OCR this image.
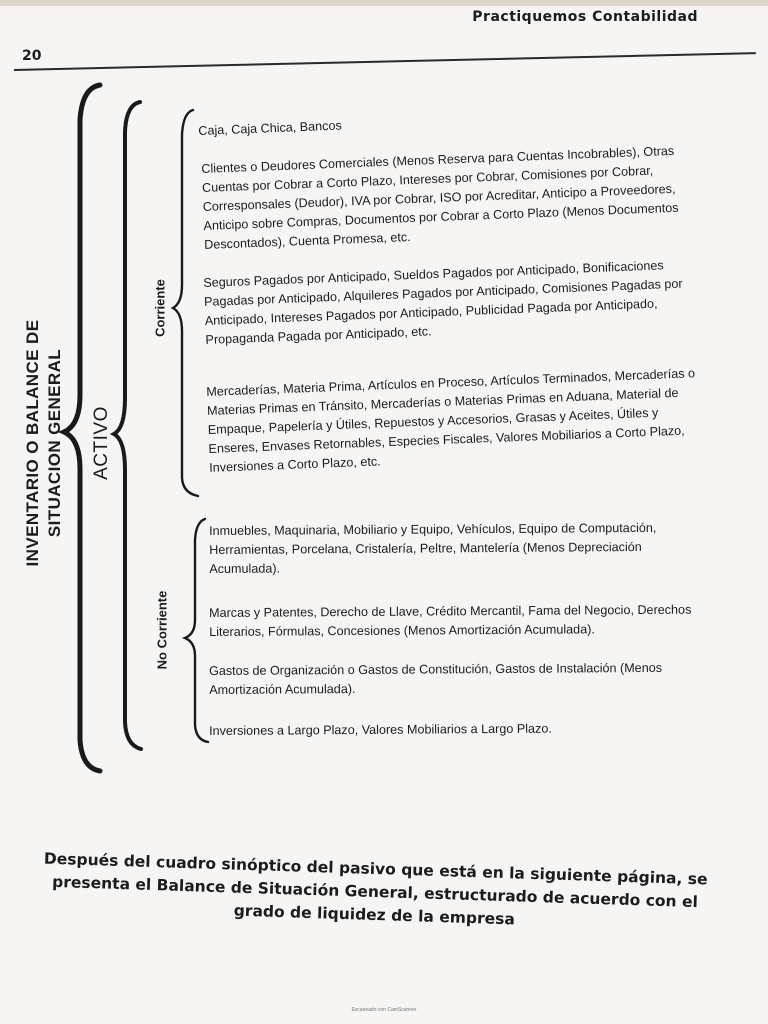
Practiquemos Contabilidad
20
INVENTARIO O BALANCE DE SITUACION GENERAL ACTIVO
Corriente
No Corriente

Caja, Caja Chica, Bancos

Clientes o Deudores Comerciales (Menos Reserva para Cuentas Incobrables), Otras Cuentas por Cobrar a Corto Plazo, Intereses por Cobrar, Comisiones por Cobrar, Corresponsales (Deudor), IVA por Cobrar, ISO por Acreditar, Anticipo a Proveedores, Anticipo sobre Compras, Documentos por Cobrar a Corto Plazo (Menos Documentos Descontados), Cuenta Promesa, etc.

Seguros Pagados por Anticipado, Sueldos Pagados por Anticipado, Bonificaciones Pagadas por Anticipado, Alquileres Pagados por Anticipado, Comisiones Pagadas por Anticipado, Intereses Pagados por Anticipado, Publicidad Pagada por Anticipado, Propaganda Pagada por Anticipado, etc.

Mercaderías, Materia Prima, Artículos en Proceso, Artículos Terminados, Mercaderías o Materias Primas en Tránsito, Mercaderías o Materias Primas en Aduana, Material de Empaque, Papelería y Útiles, Repuestos y Accesorios, Grasas y Aceites, Útiles y Enseres, Envases Retornables, Especies Fiscales, Valores Mobiliarios a Corto Plazo, Inversiones a Corto Plazo, etc.

Inmuebles, Maquinaria, Mobiliario y Equipo, Vehículos, Equipo de Computación, Herramientas, Porcelana, Cristalería, Peltre, Mantelería (Menos Depreciación Acumulada).

Marcas y Patentes, Derecho de Llave, Crédito Mercantil, Fama del Negocio, Derechos Literarios, Fórmulas, Concesiones (Menos Amortización Acumulada).

Gastos de Organización o Gastos de Constitución, Gastos de Instalación (Menos Amortización Acumulada).

Inversiones a Largo Plazo, Valores Mobiliarios a Largo Plazo.

Después del cuadro sinóptico del pasivo que está en la siguiente página, se presenta el Balance de Situación General, estructurado de acuerdo con el grado de liquidez de la empresa

Escaneado con CamScanner
